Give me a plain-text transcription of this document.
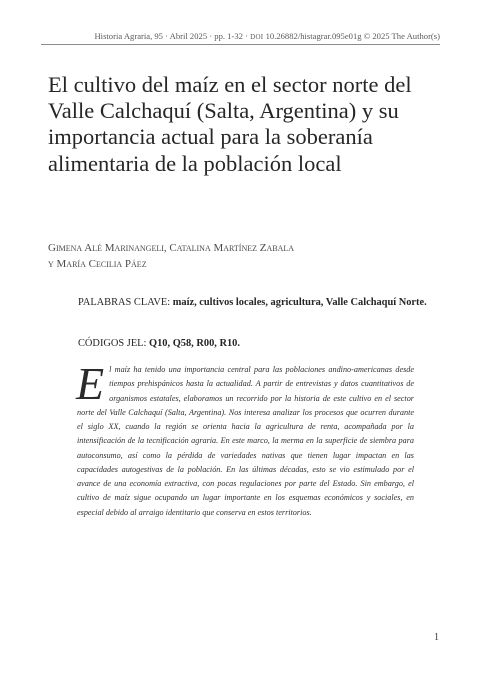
Historia Agraria, 95 · Abril 2025 · pp. 1-32 · DOI 10.26882/histagrar.095e01g © 2025 The Author(s)
El cultivo del maíz en el sector norte del Valle Calchaquí (Salta, Argentina) y su importancia actual para la soberanía alimentaria de la población local
Gimena Alé Marinangeli, Catalina Martínez Zabala
y María Cecilia Páez
PALABRAS CLAVE: maíz, cultivos locales, agricultura, Valle Calchaquí Norte.
CÓDIGOS JEL: Q10, Q58, R00, R10.

El maíz ha tenido una importancia central para las poblaciones andino-americanas desde tiempos prehispánicos hasta la actualidad. A partir de entrevistas y datos cuantitativos de organismos estatales, elaboramos un recorrido por la historia de este cultivo en el sector norte del Valle Calchaquí (Salta, Argentina). Nos interesa analizar los procesos que ocurren durante el siglo XX, cuando la región se orienta hacia la agricultura de renta, acompañada por la intensificación de la tecnificación agraria. En este marco, la merma en la superficie de siembra para autoconsumo, así como la pérdida de variedades nativas que tienen lugar impactan en las capacidades autogestivas de la población. En las últimas décadas, esto se vio estimulado por el avance de una economía extractiva, con pocas regulaciones por parte del Estado. Sin embargo, el cultivo de maíz sigue ocupando un lugar importante en los esquemas económicos y sociales, en especial debido al arraigo identitario que conserva en estos territorios.

1
